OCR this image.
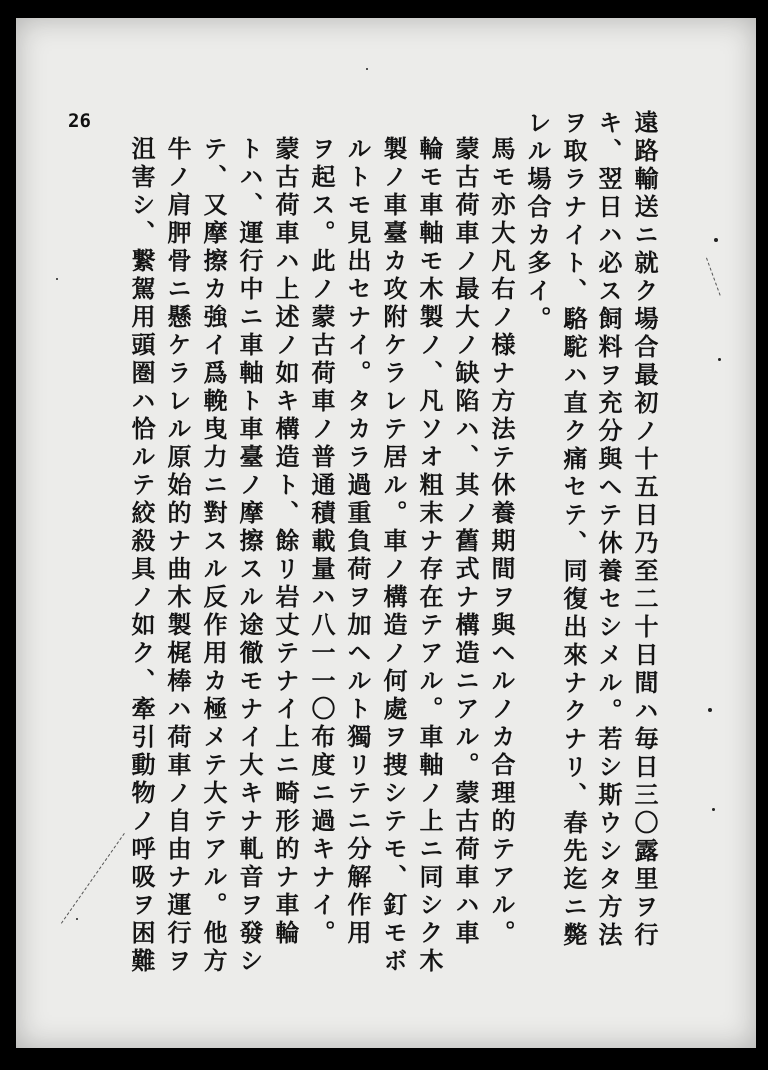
26	遠路輸送ニ就ク場合最初ノ十五日乃至二十日間ハ毎日三〇露里ヲ行
キ、翌日ハ必ス飼料ヲ充分與ヘテ休養セシメル。若シ斯ウシタ方法
ヲ取ラナイト、駱駝ハ直ク痛セテ、同復出來ナクナリ、春先迄ニ斃
レル場合カ多イ。
馬モ亦大凡右ノ様ナ方法テ休養期間ヲ與ヘルノカ合理的テアル。
蒙古荷車ノ最大ノ缺陷ハ、其ノ舊式ナ構造ニアル。蒙古荷車ハ車
輪モ車軸モ木製ノ、凡ソオ粗末ナ存在テアル。車軸ノ上ニ同シク木
製ノ車臺カ攻附ケラレテ居ル。車ノ構造ノ何處ヲ捜シテモ、釘モボ
ルトモ見出セナイ。タカラ過重負荷ヲ加ヘルト獨リテニ分解作用
ヲ起ス。此ノ蒙古荷車ノ普通積載量ハ八一一〇布度ニ過キナイ。
蒙古荷車ハ上述ノ如キ構造ト、餘リ岩丈テナイ上ニ畸形的ナ車輪
トハ、運行中ニ車軸ト車臺ノ摩擦スル途徹モナイ大キナ軋音ヲ發シ
テ、又摩擦カ強イ爲輓曳力ニ對スル反作用カ極メテ大テアル。他方
牛ノ肩胛骨ニ懸ケラレル原始的ナ曲木製梶棒ハ荷車ノ自由ナ運行ヲ
沮害シ、繋駕用頭圏ハ恰ルテ絞殺具ノ如ク、牽引動物ノ呼吸ヲ困難
